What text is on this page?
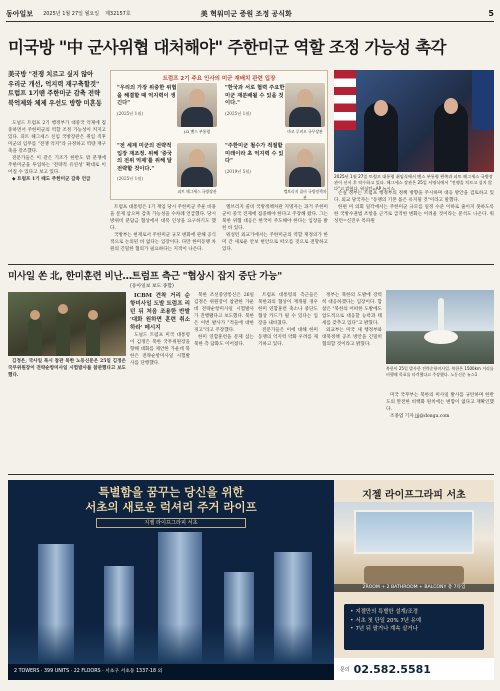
동아일보 2025년 1월 27일 월요일 제32157호	美 혁워미군 증원 조정 공식화	5
미국방 "中 군사위협 대처해야" 주한미군 역할 조정 가능성 촉각
美국방 "전쟁 치르고 싶지 않아
우리군 개선, 억지력 재구축할것"
트럼프 1기땐 주한미군 감축 전략
북억제와 체제 우선도 방향 미혼동
트럼프 2기 주요 인사의 미군 재배치 관련 입장
"우리의 가장 위중한 위협을 해결할 때 억지력이 생긴다"
(2025년 1월)
J.D 밴스 부통령
"한국과 서로 협력 주요한 미군 재분배될 수 있을 것이다."
(2025년 1월)
마코 루비오 국무장관
"전 세계 미군의 전략적 입장 재조정. 위해 '중국의 전위 억제'를 위해 달 전략할 것이다."
(2025년 1월)
피트 헤그세스 국방장관
"주한미군 철수가 적절할 미래이라 초 억지력 수 있다"
(2019년 5월)
엘브리지 콜비 국방정책차관
2025년 1월 27일 트럼프 대통령 취임식에서 밴스 부통령 왼쪽과 피트 헤그세스 국방장관이 선서 후 악수하고 있다. 헤그세스 장관은 25일 서명식에서 "전쟁을 치르고 싶지 않다"고 밝혔다. 워싱턴=AP 뉴시스

도널드 트럼프 2기 행정부가 대중국 억제에 집중하면서 주한미군의 역할 조정 가능성이 커지고 있다. 피트 헤그세스 신임 국방장관은 취임 직후 미군의 임무를 "전쟁 억지"라 규정하고 역량 재구축을 강조했다.

전문가들은 이 같은 기조가 한반도 밖 분쟁에 주한미군을 투입하는 '전략적 유연성' 확대로 이어질 수 있다고 보고 있다.

◆ 트럼프 1기 때도 주한미군 감축 언급

트럼프 대통령은 1기 재임 당시 주한미군 주둔 비용을 문제 삼으며 감축 가능성을 수차례 언급했다. 당시 방위비 분담금 협상에서 대폭 인상을 요구하기도 했다.

국방부는 현재로서 주한미군 규모 변화에 관해 공식적으로 논의된 바 없다는 입장이다. 다만 한미동맹 차원의 긴밀한 협의가 필요하다는 지적이 나온다.

엘브리지 콜비 국방정책차관 지명자는 과거 주한미군이 중국 견제에 집중해야 한다고 주장해 왔다. 그는 북한 위협 대응은 한국이 주도해야 한다는 입장을 밝힌 바 있다.

워싱턴 외교가에서는 주한미군의 역할 재정의가 한미 간 새로운 안보 현안으로 떠오를 것으로 전망하고 있다.

손실 정부는 트럼프 행정부의 정책 방향을 주시하며 대응 방안을 검토하고 있다. 외교 당국자는 "동맹의 기본 틀은 유지될 것"이라고 말했다.

한편 미 의회 일각에서는 주한미군 규모를 일정 수준 이하로 줄이지 못하도록 한 국방수권법 조항을 근거로 급격한 변화는 어려울 것이라는 분석도 나온다. 워싱턴=신진우 특파원

미사일 쏜 北, 한미훈련 비난…트럼프 측근 "협상시 잡지 중단 가능"
(동아일보 보도 종합)

김정은, 국사일 목시 참관 북한 노동신문은 25일 김정은 국무위원장이 전략순항미사일 시험발사를 참관했다고 보도했다.

ICBM 견착 거리 순항미사일 도발 트럼프 리턴 뒤 처음 조용한 반발 '대화 원하면 훈련 취소하라' 메시지

도널드 트럼프 미국 대통령이 김정은 북한 국무위원장을 향해 대화를 제안한 가운데 북한은 전략순항미사일 시험발사를 단행했다.

북한 조선중앙통신은 26일 김정은 위원장이 참관한 가운데 전략순항미사일 시험발사가 진행됐다고 보도했다. 북한은 이번 발사가 "적들에 대한 경고"라고 주장했다.

한미 연합훈련을 문제 삼는 북한 측 담화도 이어졌다.

트럼프 대통령의 측근들은 북한과의 협상이 재개될 경우 한미 연합훈련 축소나 중단도 협상 카드가 될 수 있다는 입장을 내비쳤다.

전문가들은 이에 대해 한미동맹의 억지력 약화 우려를 제기하고 있다.

정부는 북한의 도발에 강력히 대응하겠다는 입장이다. 합참은 "북한의 어떠한 도발에도 압도적으로 대응할 능력과 태세를 갖추고 있다"고 밝혔다.

외교부는 미국 새 행정부와 대북정책 공조 방안을 긴밀히 협의할 것이라고 밝혔다.

북한이 25일 발사한 전략순항미사일. 북한은 1500km 거리를 비행해 목표를 타격했다고 주장했다. 노동신문 뉴스1

미국 국무부는 북한의 미사일 발사를 규탄하며 한반도의 완전한 비핵화 원칙에는 변함이 없다고 재확인했다.

조종엽 기자 jjj@donga.com

특별함을 꿈꾸는 당신을 위한
서초의 새로운 럭셔리 주거 라이프
지젤 라이프그라피 서초
2 TOWERS · 399 UNITS · 22 FLOORS · 서초구 서초동 1337-18 외
지젤 라이프그라피 서초
2ROOM + 2 BATHROOM + BALCONY 총 7타입
• 지젤만의 특별한 설계/조경
• 서초 첫 단일 20% 7년 유예
• 7년 뒤 팔거나 계속 살거나
문의 02.582.5581
